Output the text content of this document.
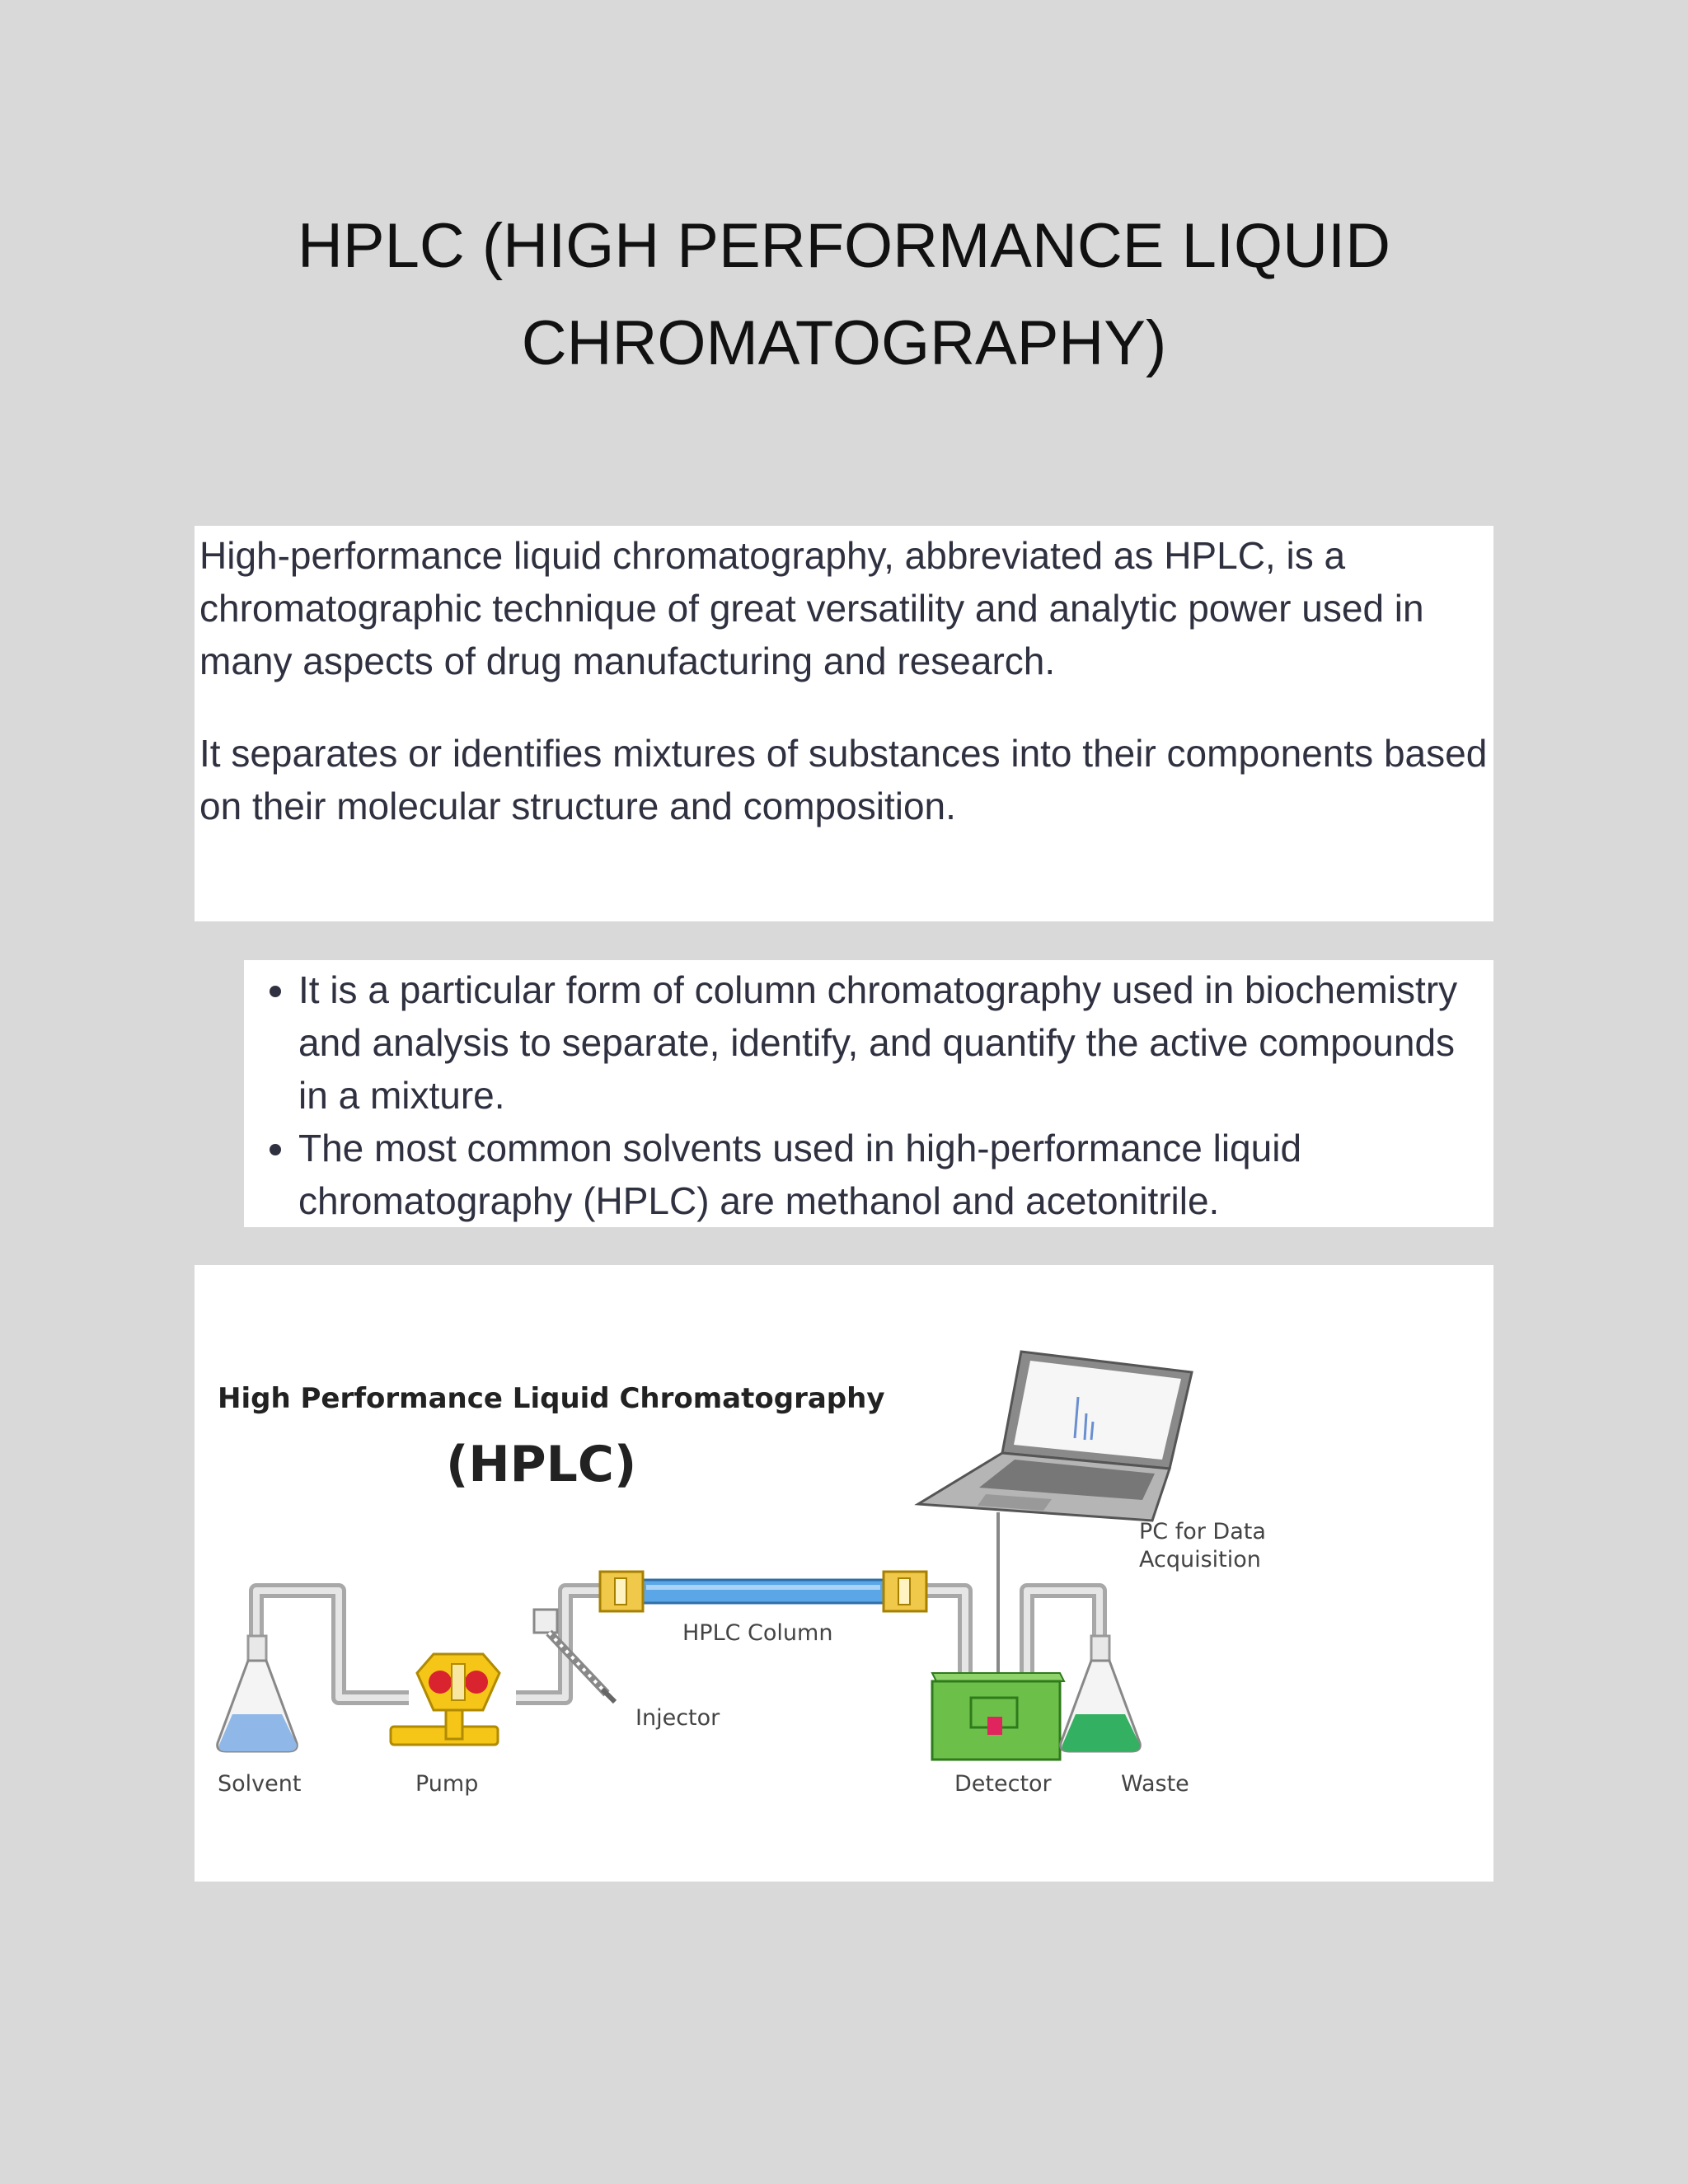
HPLC (HIGH PERFORMANCE LIQUID
CHROMATOGRAPHY)

High-performance liquid chromatography, abbreviated as HPLC, is a chromatographic technique of great versatility and analytic power used in many aspects of drug manufacturing and research.

It separates or identifies mixtures of substances into their components based on their molecular structure and composition.

• It is a particular form of column chromatography used in biochemistry and analysis to separate, identify, and quantify the active compounds in a mixture.
• The most common solvents used in high-performance liquid chromatography (HPLC) are methanol and acetonitrile.
High Performance Liquid Chromatography
(HPLC)
Solvent	Pump
Injector
HPLC Column
Detector	Waste
PC for Data
Acquisition
